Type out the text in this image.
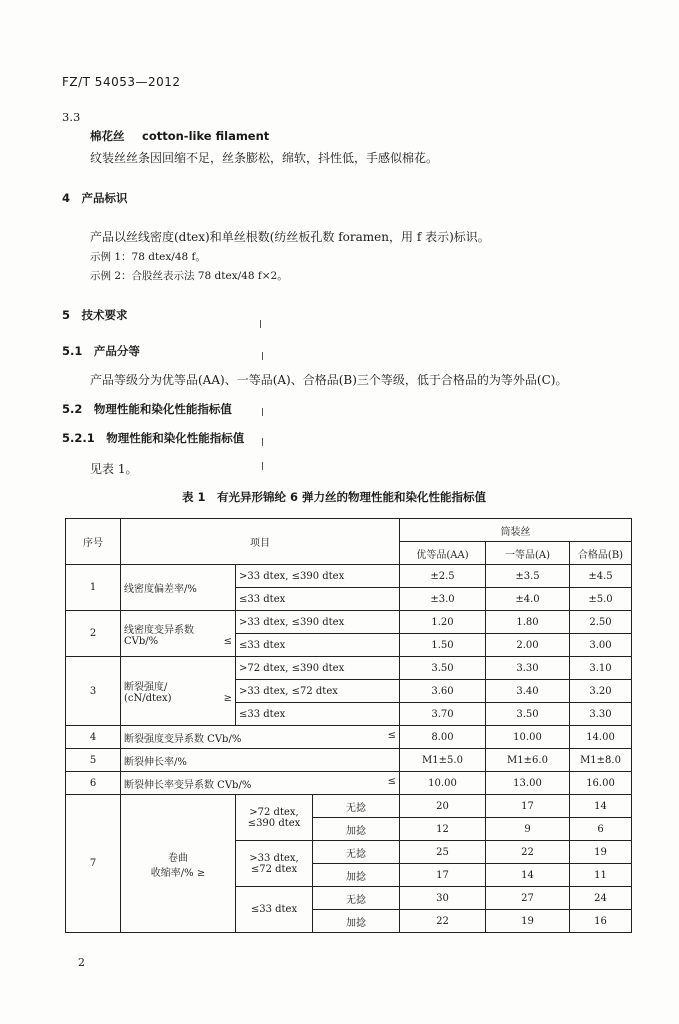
FZ/T 54053—2012
3.3
棉花丝 cotton-like filament
纹装丝丝条因回缩不足，丝条膨松，绵软，抖性低，手感似棉花。
4　产品标识
产品以丝线密度(dtex)和单丝根数(纺丝板孔数 foramen，用 f 表示)标识。
示例 1：78 dtex/48 f。
示例 2：合股丝表示法 78 dtex/48 f×2。
5　技术要求
5.1　产品分等
产品等级分为优等品(AA)、一等品(A)、合格品(B)三个等级，低于合格品的为等外品(C)。
5.2　物理性能和染化性能指标值
5.2.1　物理性能和染化性能指标值
见表 1。
表 1　有光异形锦纶 6 弹力丝的物理性能和染化性能指标值
序号	项目			筒装丝		
				优等品(AA)	一等品(A)	合格品(B)
1	线密度偏差率/%	>33 dtex, ≤390 dtex		±2.5	±3.5	±4.5
		≤33 dtex		±3.0	±4.0	±5.0
2	线密度变异系数
CVb/% ≤	>33 dtex, ≤390 dtex		1.20	1.80	2.50
		≤33 dtex		1.50	2.00	3.00
3	断裂强度/
(cN/dtex) ≥	>72 dtex, ≤390 dtex		3.50	3.30	3.10
		>33 dtex, ≤72 dtex		3.60	3.40	3.20
		≤33 dtex		3.70	3.50	3.30
4	断裂强度变异系数 CVb/% ≤			8.00	10.00	14.00
5	断裂伸长率/%			M1±5.0	M1±6.0	M1±8.0
6	断裂伸长率变异系数 CVb/% ≤			10.00	13.00	16.00
7	卷曲
收缩率/% ≥	>72 dtex, ≤390 dtex	无捻	20	17	14
			加捻	12	9	6
		>33 dtex, ≤72 dtex	无捻	25	22	19
			加捻	17	14	11
		≤33 dtex	无捻	30	27	24
			加捻	22	19	16
2
